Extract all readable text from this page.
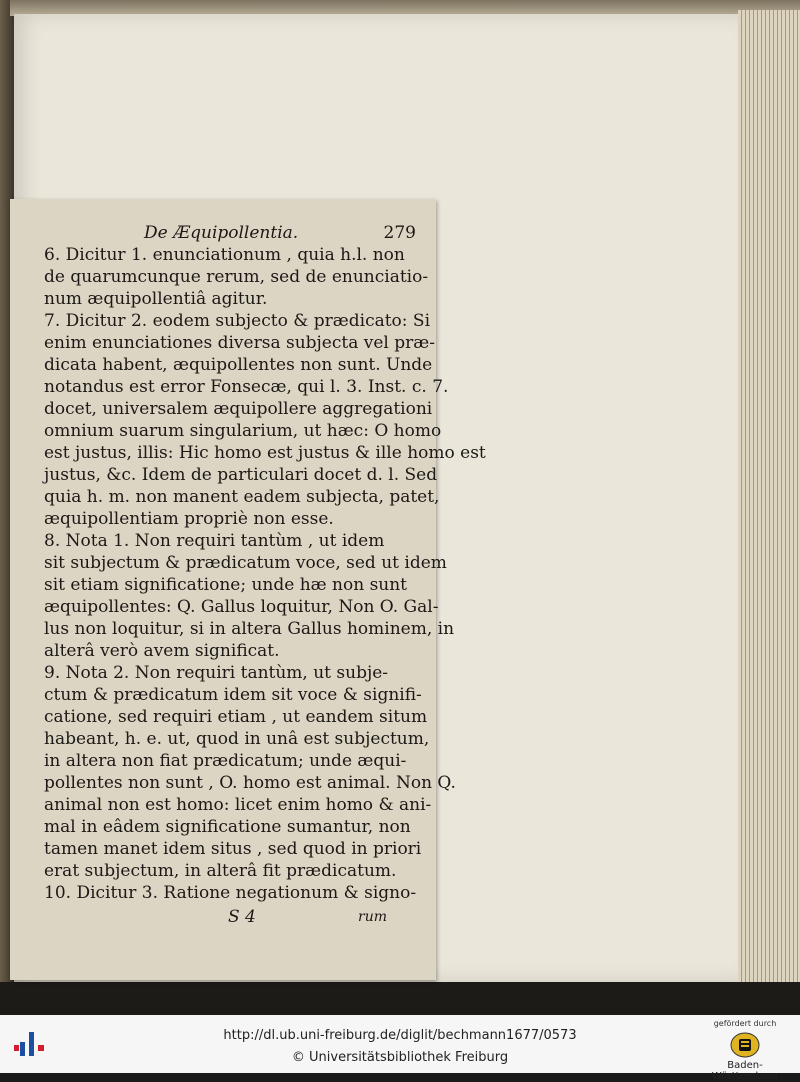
De Æquipollentia.	279
6. Dicitur 1. enunciationum , quia h.l. non
de quarumcunque rerum, sed de enunciatio-
num æquipollentiâ agitur.
7. Dicitur 2. eodem subjecto & prædicato: Si
enim enunciationes diversa subjecta vel præ-
dicata habent, æquipollentes non sunt. Unde
notandus est error Fonsecæ, qui l. 3. Inst. c. 7.
docet, universalem æquipollere aggregationi
omnium suarum singularium, ut hæc: O homo
est justus, illis: Hic homo est justus & ille homo est
justus, &c. Idem de particulari docet d. l. Sed
quia h. m. non manent eadem subjecta, patet,
æquipollentiam propriè non esse.
8. Nota 1. Non requiri tantùm , ut idem
sit subjectum & prædicatum voce, sed ut idem
sit etiam significatione; unde hæ non sunt
æquipollentes: Q. Gallus loquitur, Non O. Gal-
lus non loquitur, si in altera Gallus hominem, in
alterâ verò avem significat.
9. Nota 2. Non requiri tantùm, ut subje-
ctum & prædicatum idem sit voce & signifi-
catione, sed requiri etiam , ut eandem situm
habeant, h. e. ut, quod in unâ est subjectum,
in altera non fiat prædicatum; unde æqui-
pollentes non sunt , O. homo est animal. Non Q.
animal non est homo: licet enim homo & ani-
mal in eâdem significatione sumantur, non
tamen manet idem situs , sed quod in priori
erat subjectum, in alterâ fit prædicatum.
10. Dicitur 3. Ratione negationum & signo-
S 4	rum
http://dl.ub.uni-freiburg.de/diglit/bechmann1677/0573
© Universitätsbibliothek Freiburg
gefördert durch
Baden-Württemberg
